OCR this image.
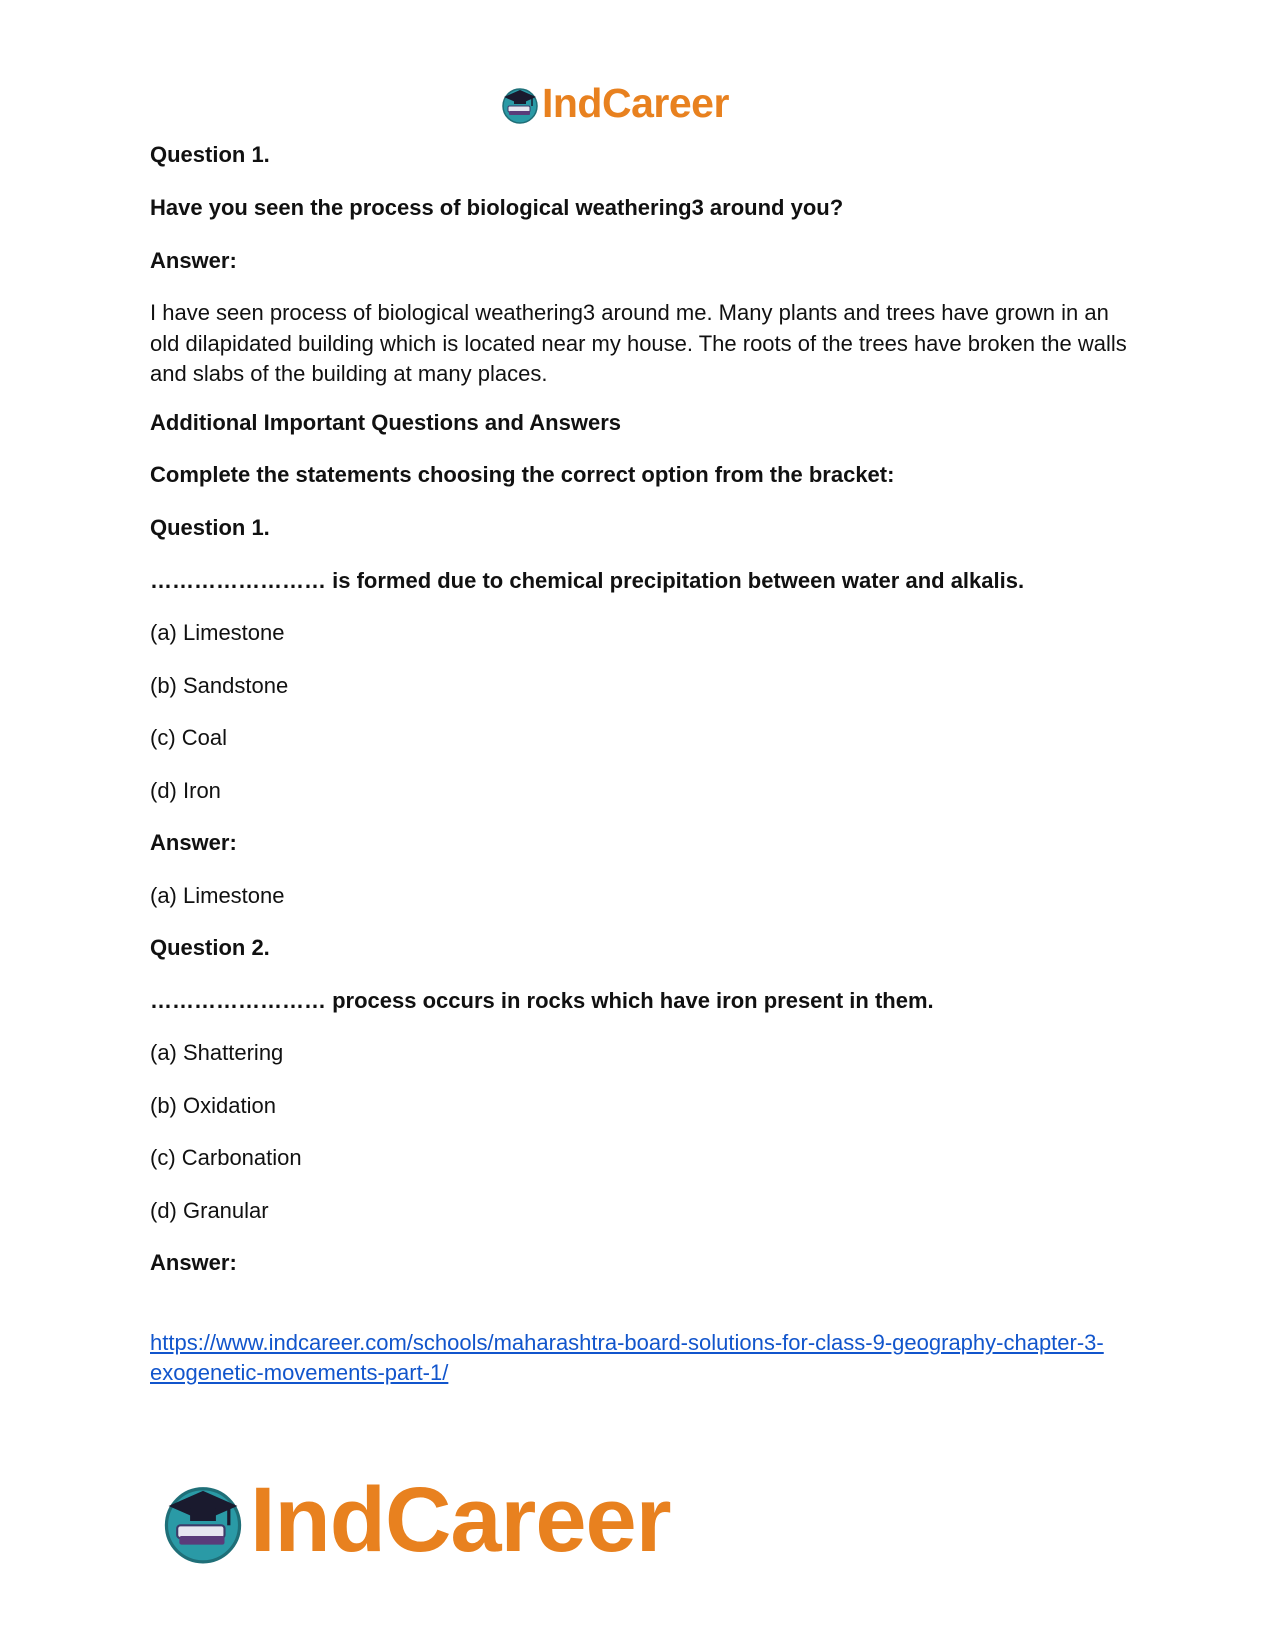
IndCareer
Question 1.
Have you seen the process of biological weathering3 around you?
Answer:
I have seen process of biological weathering3 around me. Many plants and trees have grown in an old dilapidated building which is located near my house. The roots of the trees have broken the walls and slabs of the building at many places.
Additional Important Questions and Answers
Complete the statements choosing the correct option from the bracket:
Question 1.
…………………… is formed due to chemical precipitation between water and alkalis.
(a) Limestone
(b) Sandstone
(c) Coal
(d) Iron
Answer:
(a) Limestone
Question 2.
…………………… process occurs in rocks which have iron present in them.
(a) Shattering
(b) Oxidation
(c) Carbonation
(d) Granular
Answer:
https://www.indcareer.com/schools/maharashtra-board-solutions-for-class-9-geography-chapter-3-exogenetic-movements-part-1/
IndCareer
